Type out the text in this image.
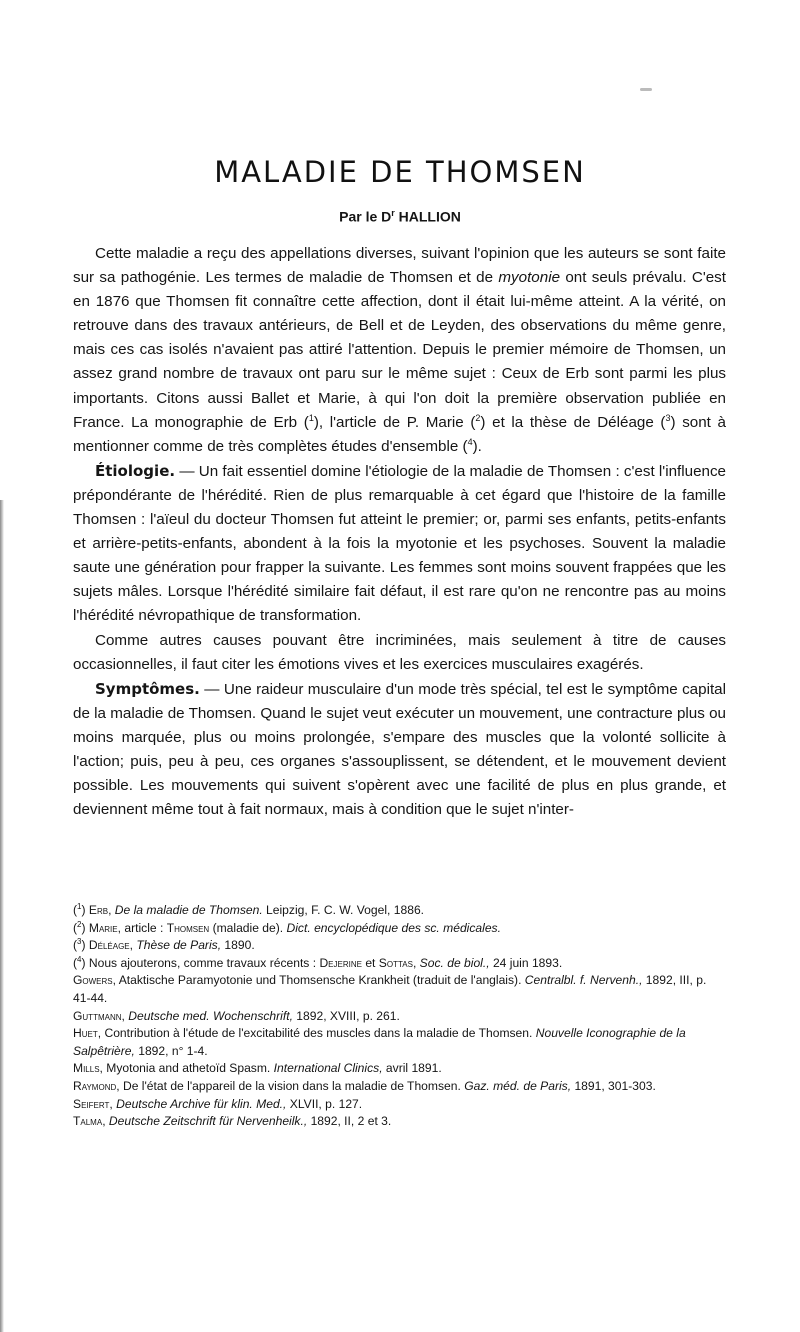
MALADIE DE THOMSEN
Par le $D^r$ HALLION

Cette maladie a reçu des appellations diverses, suivant l'opinion que les auteurs se sont faite sur sa pathogénie. Les termes de maladie de Thomsen et de myotonie ont seuls prévalu. C'est en 1876 que Thomsen fit connaître cette affection, dont il était lui-même atteint. A la vérité, on retrouve dans des travaux antérieurs, de Bell et de Leyden, des observations du même genre, mais ces cas isolés n'avaient pas attiré l'attention. Depuis le premier mémoire de Thomsen, un assez grand nombre de travaux ont paru sur le même sujet : Ceux de Erb sont parmi les plus importants. Citons aussi Ballet et Marie, à qui l'on doit la première observation publiée en France. La monographie de Erb ($^1$), l'article de P. Marie ($^2$) et la thèse de Déléage ($^3$) sont à mentionner comme de très complètes études d'ensemble ($^4$).

Étiologie. — Un fait essentiel domine l'étiologie de la maladie de Thomsen : c'est l'influence prépondérante de l'hérédité. Rien de plus remarquable à cet égard que l'histoire de la famille Thomsen : l'aïeul du docteur Thomsen fut atteint le premier; or, parmi ses enfants, petits-enfants et arrière-petits-enfants, abondent à la fois la myotonie et les psychoses. Souvent la maladie saute une génération pour frapper la suivante. Les femmes sont moins souvent frappées que les sujets mâles. Lorsque l'hérédité similaire fait défaut, il est rare qu'on ne rencontre pas au moins l'hérédité névropathique de transformation.

Comme autres causes pouvant être incriminées, mais seulement à titre de causes occasionnelles, il faut citer les émotions vives et les exercices musculaires exagérés.

Symptômes. — Une raideur musculaire d'un mode très spécial, tel est le symptôme capital de la maladie de Thomsen. Quand le sujet veut exécuter un mouvement, une contracture plus ou moins marquée, plus ou moins prolongée, s'empare des muscles que la volonté sollicite à l'action; puis, peu à peu, ces organes s'assouplissent, se détendent, et le mouvement devient possible. Les mouvements qui suivent s'opèrent avec une facilité de plus en plus grande, et deviennent même tout à fait normaux, mais à condition que le sujet n'inter-

($^1$) Erb, De la maladie de Thomsen. Leipzig, F. C. W. Vogel, 1886.

($^2$) Marie, article : Thomsen (maladie de). Dict. encyclopédique des sc. médicales.

($^3$) Déléage, Thèse de Paris, 1890.

($^4$) Nous ajouterons, comme travaux récents : Dejerine et Sottas, Soc. de biol., 24 juin 1893.

Gowers, Ataktische Paramyotonie und Thomsensche Krankheit (traduit de l'anglais). Centralbl. f. Nervenh., 1892, III, p. 41-44.

Guttmann, Deutsche med. Wochenschrift, 1892, XVIII, p. 261.

Huet, Contribution à l'étude de l'excitabilité des muscles dans la maladie de Thomsen. Nouvelle Iconographie de la Salpêtrière, 1892, n° 1-4.

Mills, Myotonia and athetoïd Spasm. International Clinics, avril 1891.

Raymond, De l'état de l'appareil de la vision dans la maladie de Thomsen. Gaz. méd. de Paris, 1891, 301-303.

Seifert, Deutsche Archive für klin. Med., XLVII, p. 127.

Talma, Deutsche Zeitschrift für Nervenheilk., 1892, II, 2 et 3.
